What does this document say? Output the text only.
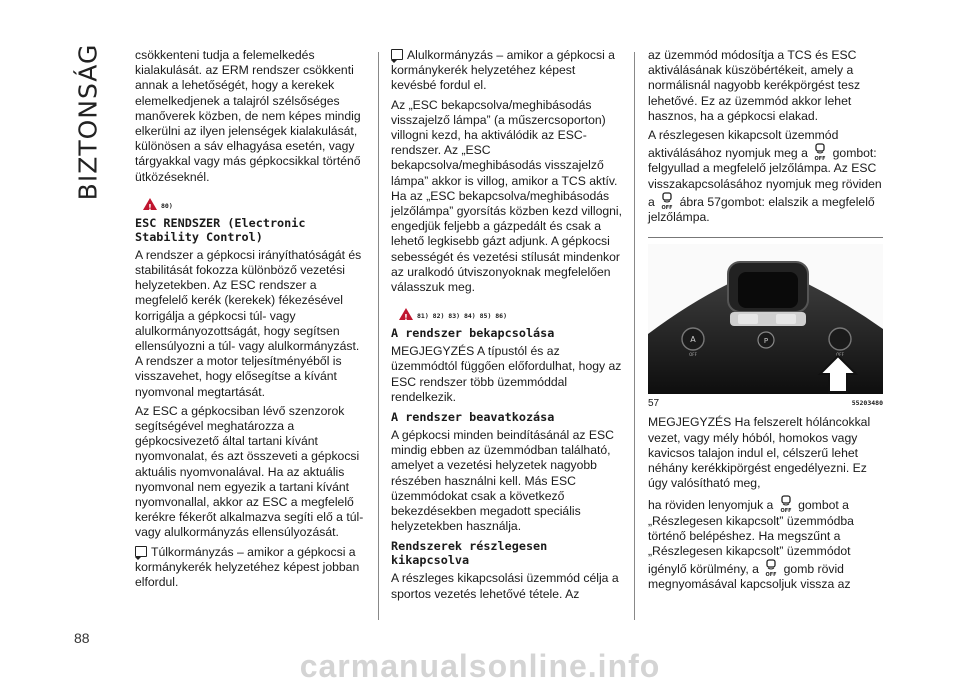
BIZTONSÁG
88

csökkenteni tudja a felemelkedés kialakulását. az ERM rendszer csökkenti annak a lehetőségét, hogy a kerekek elemelkedjenek a talajról szélsőséges manőverek közben, de nem képes mindig elkerülni az ilyen jelenségek kialakulását, különösen a sáv elhagyása esetén, vagy tárgyakkal vagy más gépkocsikkal történő ütközéseknél.

!
80)
ESC RENDSZER (Electronic Stability Control)

A rendszer a gépkocsi irányíthatóságát és stabilitását fokozza különböző vezetési helyzetekben. Az ESC rendszer a megfelelő kerék (kerekek) fékezésével korrigálja a gépkocsi túl- vagy alulkormányozottságát, hogy segítsen ellensúlyozni a túl- vagy alulkormányzást. A rendszer a motor teljesítményéből is visszavehet, hogy elősegítse a kívánt nyomvonal megtartását.

Az ESC a gépkocsiban lévő szenzorok segítségével meghatározza a gépkocsivezető által tartani kívánt nyomvonalat, és azt összeveti a gépkocsi aktuális nyomvonalával. Ha az aktuális nyomvonal nem egyezik a tartani kívánt nyomvonallal, akkor az ESC a megfelelő kerékre fékerőt alkalmazva segíti elő a túl- vagy alulkormányzás ellensúlyozását.

Túlkormányzás – amikor a gépkocsi a kormánykerék helyzetéhez képest jobban elfordul.

Alulkormányzás – amikor a gépkocsi a kormánykerék helyzetéhez képest kevésbé fordul el.

Az „ESC bekapcsolva/meghibásodás visszajelző lámpa” (a műszercsoporton) villogni kezd, ha aktiválódik az ESC-rendszer. Az „ESC bekapcsolva/meghibásodás visszajelző lámpa” akkor is villog, amikor a TCS aktív. Ha az „ESC bekapcsolva/meghibásodás jelzőlámpa” gyorsítás közben kezd villogni, engedjük feljebb a gázpedált és csak a lehető legkisebb gázt adjunk. A gépkocsi sebességét és vezetési stílusát mindenkor az uralkodó útviszonyoknak megfelelően válasszuk meg.

!
81) 82) 83) 84) 85) 86)
A rendszer bekapcsolása

MEGJEGYZÉS A típustól és az üzemmódtól függően előfordulhat, hogy az ESC rendszer több üzemmóddal rendelkezik.

A rendszer beavatkozása

A gépkocsi minden beindításánál az ESC mindig ebben az üzemmódban található, amelyet a vezetési helyzetek nagyobb részében használni kell. Más ESC üzemmódokat csak a következő bekezdésekben megadott speciális helyzetekben használja.

Rendszerek részlegesen kikapcsolva

A részleges kikapcsolási üzemmód célja a sportos vezetés lehetővé tétele. Az

az üzemmód módosítja a TCS és ESC aktiválásának küszöbértékeit, amely a normálisnál nagyobb kerékpörgést tesz lehetővé. Ez az üzemmód akkor lehet hasznos, ha a gépkocsi elakad.

A részlegesen kikapcsolt üzemmód aktiválásához nyomjuk meg a OFF gombot: felgyullad a megfelelő jelzőlámpa. Az ESC visszakapcsolásához nyomjuk meg röviden a OFF ábra 57gombot: elalszik a megfelelő jelzőlámpa.

A
OFF
P
OFF
57	55203480

MEGJEGYZÉS Ha felszerelt hóláncokkal vezet, vagy mély hóból, homokos vagy kavicsos talajon indul el, célszerű lehet néhány kerékkipörgést engedélyezni. Ez úgy valósítható meg,

ha röviden lenyomjuk a OFF gombot a „Részlegesen kikapcsolt” üzemmódba történő belépéshez. Ha megszűnt a „Részlegesen kikapcsolt” üzemmódot igénylő körülmény, a OFF gomb rövid megnyomásával kapcsoljuk vissza az

carmanualsonline.info
